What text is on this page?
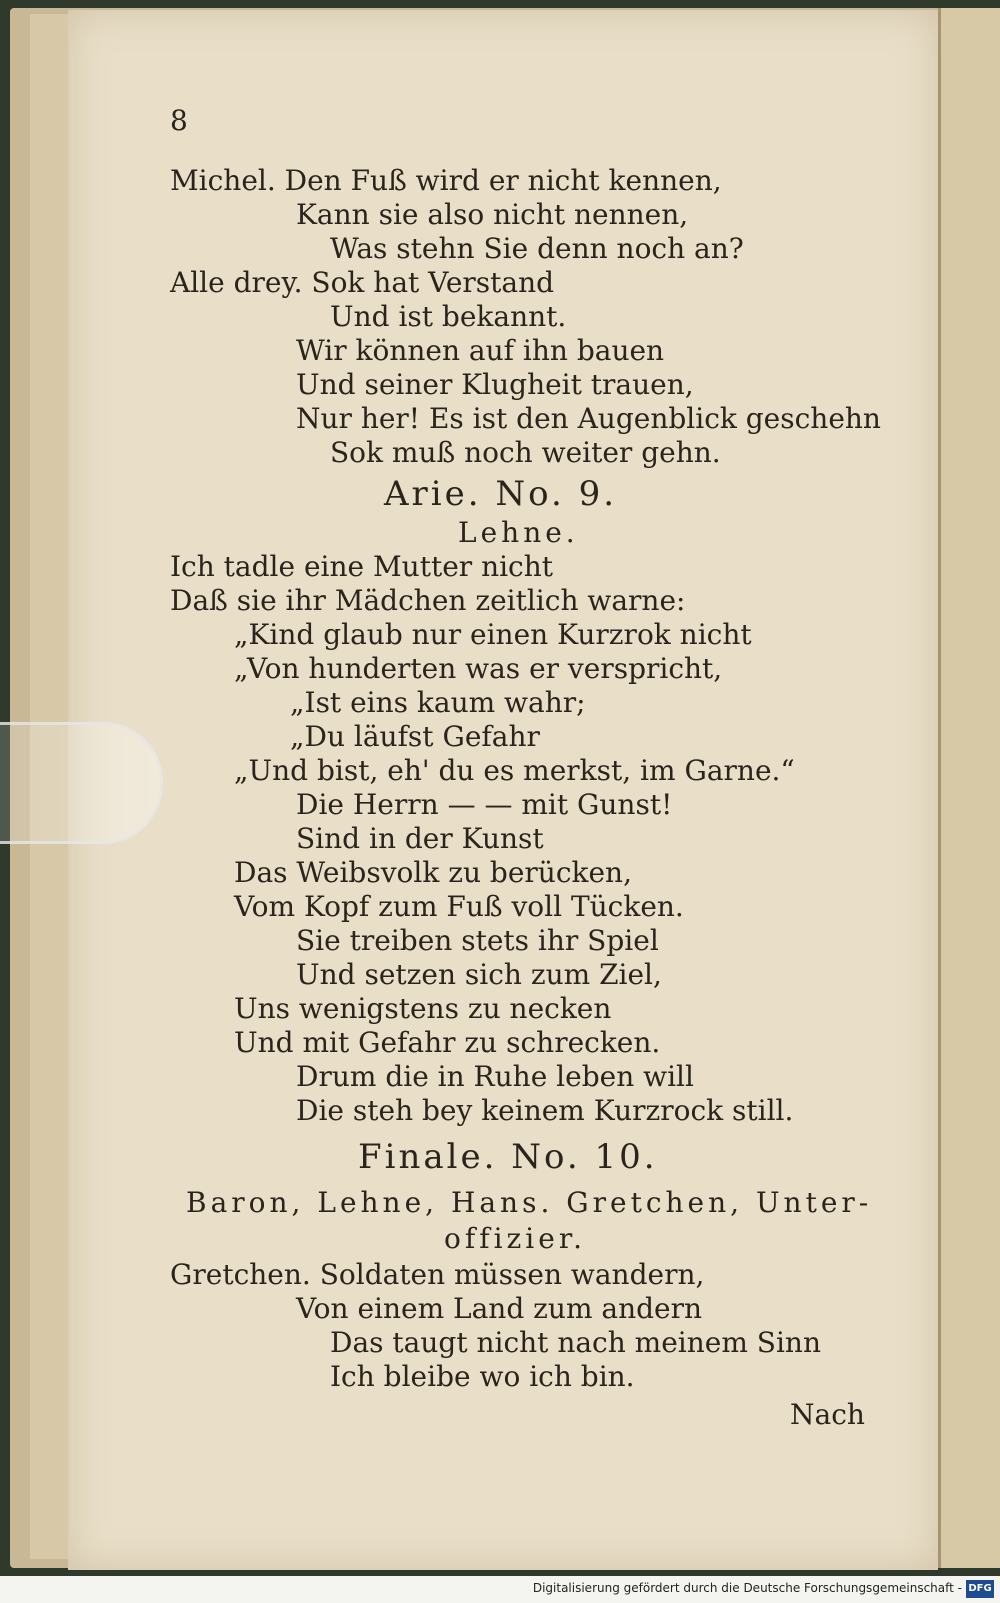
8
Michel. Den Fuß wird er nicht kennen,
Kann sie also nicht nennen,
Was stehn Sie denn noch an?
Alle drey. Sok hat Verstand
Und ist bekannt.
Wir können auf ihn bauen
Und seiner Klugheit trauen,
Nur her! Es ist den Augenblick geschehn
Sok muß noch weiter gehn.
Arie. No. 9.
Lehne.
Ich tadle eine Mutter nicht
Daß sie ihr Mädchen zeitlich warne:
„Kind glaub nur einen Kurzrok nicht
„Von hunderten was er verspricht,
„Ist eins kaum wahr;
„Du läufst Gefahr
„Und bist, eh' du es merkst, im Garne.“
Die Herrn — — mit Gunst!
Sind in der Kunst
Das Weibsvolk zu berücken,
Vom Kopf zum Fuß voll Tücken.
Sie treiben stets ihr Spiel
Und setzen sich zum Ziel,
Uns wenigstens zu necken
Und mit Gefahr zu schrecken.
Drum die in Ruhe leben will
Die steh bey keinem Kurzrock still.
Finale. No. 10.
Baron, Lehne, Hans. Gretchen, Unter-
offizier.
Gretchen. Soldaten müssen wandern,
Von einem Land zum andern
Das taugt nicht nach meinem Sinn
Ich bleibe wo ich bin.
Nach
Digitalisierung gefördert durch die Deutsche Forschungsgemeinschaft - DFG
